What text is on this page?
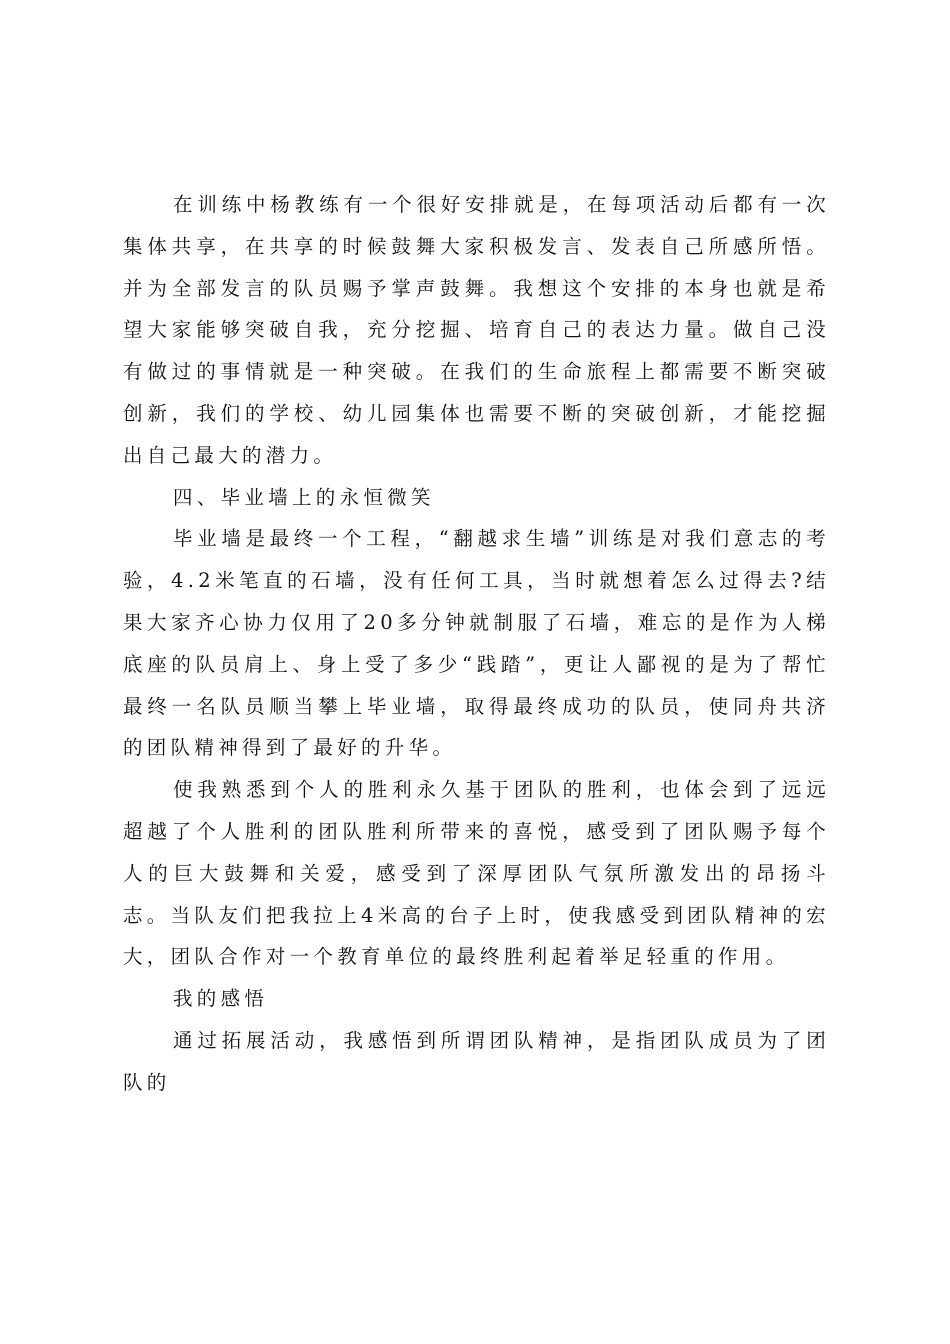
在训练中杨教练有一个很好安排就是，在每项活动后都有一次集体共享，在共享的时候鼓舞大家积极发言、发表自己所感所悟。并为全部发言的队员赐予掌声鼓舞。我想这个安排的本身也就是希望大家能够突破自我，充分挖掘、培育自己的表达力量。做自己没有做过的事情就是一种突破。在我们的生命旅程上都需要不断突破创新，我们的学校、幼儿园集体也需要不断的突破创新，才能挖掘出自己最大的潜力。

四、毕业墙上的永恒微笑

毕业墙是最终一个工程，“翻越求生墙”训练是对我们意志的考验，4.2米笔直的石墙，没有任何工具，当时就想着怎么过得去?结果大家齐心协力仅用了20多分钟就制服了石墙，难忘的是作为人梯底座的队员肩上、身上受了多少“践踏”，更让人鄙视的是为了帮忙最终一名队员顺当攀上毕业墙，取得最终成功的队员，使同舟共济的团队精神得到了最好的升华。

使我熟悉到个人的胜利永久基于团队的胜利，也体会到了远远超越了个人胜利的团队胜利所带来的喜悦，感受到了团队赐予每个人的巨大鼓舞和关爱，感受到了深厚团队气氛所激发出的昂扬斗志。当队友们把我拉上4米高的台子上时，使我感受到团队精神的宏大，团队合作对一个教育单位的最终胜利起着举足轻重的作用。

我的感悟

通过拓展活动，我感悟到所谓团队精神，是指团队成员为了团队的
